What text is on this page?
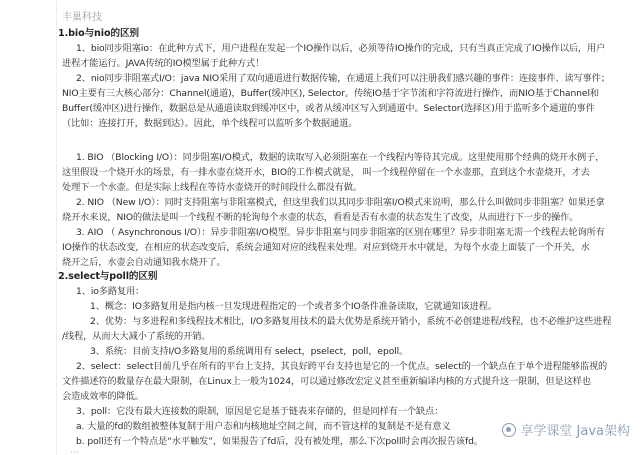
丰巢科技
1.bio与nio的区别
1、bio同步阻塞io：在此种方式下，用户进程在发起一个IO操作以后，必须等待IO操作的完成，只有当真正完成了IO操作以后，用户
进程才能运行。JAVA传统的IO模型属于此种方式！
2、nio同步非阻塞式I/O：java NIO采用了双向通道进行数据传输，在通道上我们可以注册我们感兴趣的事件：连接事件、读写事件；
NIO主要有三大核心部分：Channel(通道)，Buffer(缓冲区), Selector。传统IO基于字节流和字符流进行操作，而NIO基于Channel和
Buffer(缓冲区)进行操作，数据总是从通道读取到缓冲区中，或者从缓冲区写入到通道中。Selector(选择区)用于监听多个通道的事件
（比如：连接打开，数据到达）。因此，单个线程可以监听多个数据通道。
1. BIO （Blocking I/O）：同步阻塞I/O模式，数据的读取写入必须阻塞在一个线程内等待其完成。这里使用那个经典的烧开水例子，
这里假设一个烧开水的场景，有一排水壶在烧开水，BIO的工作模式就是， 叫一个线程停留在一个水壶那，直到这个水壶烧开，才去
处理下一个水壶。但是实际上线程在等待水壶烧开的时间段什么都没有做。
2. NIO （New I/O）：同时支持阻塞与非阻塞模式，但这里我们以其同步非阻塞I/O模式来说明，那么什么叫做同步非阻塞？如果还拿
烧开水来说，NIO的做法是叫一个线程不断的轮询每个水壶的状态，看看是否有水壶的状态发生了改变，从而进行下一步的操作。
3. AIO （ Asynchronous I/O）：异步非阻塞I/O模型。异步非阻塞与同步非阻塞的区别在哪里？异步非阻塞无需一个线程去轮询所有
IO操作的状态改变，在相应的状态改变后，系统会通知对应的线程来处理。对应到烧开水中就是，为每个水壶上面装了一个开关，水
烧开之后，水壶会自动通知我水烧开了。
2.select与poll的区别
1、io多路复用：
1、概念：IO多路复用是指内核一旦发现进程指定的一个或者多个IO条件准备读取，它就通知该进程。
2、优势：与多进程和多线程技术相比，I/O多路复用技术的最大优势是系统开销小，系统不必创建进程/线程，也不必维护这些进程
/线程，从而大大减小了系统的开销。
3、系统：目前支持I/O多路复用的系统调用有 select，pselect，poll，epoll。
2、select：select目前几乎在所有的平台上支持，其良好跨平台支持也是它的一个优点。select的一个缺点在于单个进程能够监视的
文件描述符的数量存在最大限制，在Linux上一般为1024，可以通过修改宏定义甚至重新编译内核的方式提升这一限制，但是这样也
会造成效率的降低。
3、poll：它没有最大连接数的限制，原因是它是基于链表来存储的，但是同样有一个缺点：
a. 大量的fd的数组被整体复制于用户态和内核地址空间之间，而不管这样的复制是不是有意义
b. poll还有一个特点是“水平触发”，如果报告了fd后，没有被处理，那么下次poll时会再次报告该fd。
···
享学课堂 Java架构
